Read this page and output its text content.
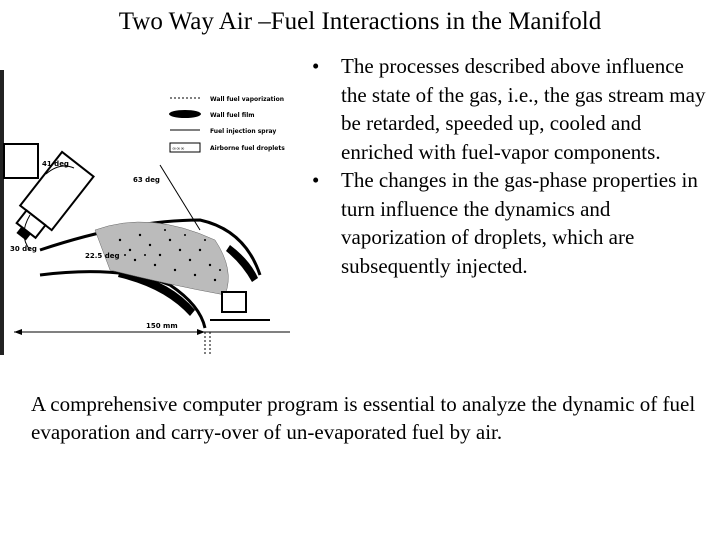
Two Way Air –Fuel Interactions in the Manifold
Wall fuel vaporization
Wall fuel film
Fuel injection spray
∞∞∞	Airborne fuel droplets
41 deg
63 deg
30 deg
22.5 deg
150 mm
• The processes described above influence the state of the gas, i.e., the gas stream may be retarded, speeded up, cooled and enriched with fuel-vapor components.
• The changes in the gas-phase properties in turn influence the dynamics and vaporization of droplets, which are subsequently injected.

A comprehensive computer program is essential to analyze the dynamic of fuel evaporation and carry-over of un-evaporated fuel by air.
